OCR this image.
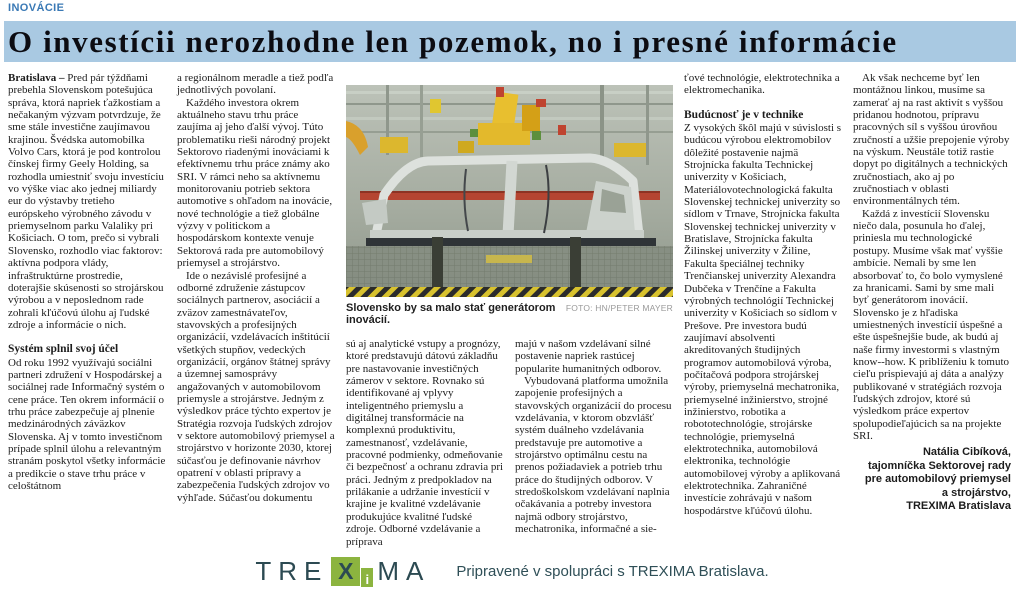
INOVÁCIE
O investícii nerozhodne len pozemok, no i presné informácie

Bratislava – Pred pár týždňami prebehla Slovenskom potešujúca správa, ktorá napriek ťažkostiam a nečakaným výzvam potvrdzuje, že sme stále investične zaujímavou krajinou. Švédska automobilka Volvo Cars, ktorá je pod kontrolou čínskej firmy Geely Holding, sa rozhodla umiestniť svoju investíciu vo výške viac ako jednej miliardy eur do výstavby tretieho európskeho výrobného závodu v priemyselnom parku Valaliky pri Košiciach. O tom, prečo si vybrali Slovensko, rozhodlo viac faktorov: aktívna podpora vlády, infraštruktúrne prostredie, doterajšie skúsenosti so strojárskou výrobou a v neposlednom rade zohrali kľúčovú úlohu aj ľudské zdroje a informácie o nich.

Systém splnil svoj účel

Od roku 1992 využívajú sociálni partneri združení v Hospodárskej a sociálnej rade Informačný systém o cene práce. Ten okrem informácií o trhu práce zabezpečuje aj plnenie medzinárodných záväzkov Slovenska. Aj v tomto investičnom prípade splnil úlohu a relevantným stranám poskytol všetky informácie a predikcie o stave trhu práce v celoštátnom

a regionálnom meradle a tiež podľa jednotlivých povolaní.

Každého investora okrem aktuálneho stavu trhu práce zaujíma aj jeho ďalší vývoj. Túto problematiku rieši národný projekt Sektorovo riadenými inováciami k efektívnemu trhu práce známy ako SRI. V rámci neho sa aktívnemu monitorovaniu potrieb sektora automotive s ohľadom na inovácie, nové technológie a tiež globálne výzvy v politickom a hospodárskom kontexte venuje Sektorová rada pre automobilový priemysel a strojárstvo.

Ide o nezávislé profesijné a odborné združenie zástupcov sociálnych partnerov, asociácií a zväzov zamestnávateľov, stavovských a profesijných organizácií, vzdelávacích inštitúcií všetkých stupňov, vedeckých organizácií, orgánov štátnej správy a územnej samosprávy angažovaných v automobilovom priemysle a strojárstve. Jedným z výsledkov práce týchto expertov je Stratégia rozvoja ľudských zdrojov v sektore automobilový priemysel a strojárstvo v horizonte 2030, ktorej súčasťou je definovanie návrhov opatrení v oblasti prípravy a zabezpečenia ľudských zdrojov vo výhľade. Súčasťou dokumentu

Slovensko by sa malo stať generátorom inovácií.
FOTO: HN/PETER MAYER

sú aj analytické vstupy a prognózy, ktoré predstavujú dátovú základňu pre nastavovanie investičných zámerov v sektore. Rovnako sú identifikované aj vplyvy inteligentného priemyslu a digitálnej transformácie na komplexnú produktivitu, zamestnanosť, vzdelávanie, pracovné podmienky, odmeňovanie či bezpečnosť a ochranu zdravia pri práci. Jedným z predpokladov na prilákanie a udržanie investícií v krajine je kvalitné vzdelávanie produkujúce kvalitné ľudské zdroje. Odborné vzdelávanie a príprava

majú v našom vzdelávaní silné postavenie napriek rastúcej popularite humanitných odborov.

Vybudovaná platforma umožnila zapojenie profesijných a stavovských organizácií do procesu vzdelávania, v ktorom obzvlášť systém duálneho vzdelávania predstavuje pre automotive a strojárstvo optimálnu cestu na prenos požiadaviek a potrieb trhu práce do študijných odborov. V stredoškolskom vzdelávaní naplnia očakávania a potreby investora najmä odbory strojárstvo, mechatronika, informačné a sie-

ťové technológie, elektrotechnika a elektromechanika.

Budúcnosť je v technike

Z vysokých škôl majú v súvislosti s budúcou výrobou elektromobilov dôležité postavenie najmä Strojnícka fakulta Technickej univerzity v Košiciach, Materiálovotechnologická fakulta Slovenskej technickej univerzity so sídlom v Trnave, Strojnícka fakulta Slovenskej technickej univerzity v Bratislave, Strojnícka fakulta Žilinskej univerzity v Žiline, Fakulta špeciálnej techniky Trenčianskej univerzity Alexandra Dubčeka v Trenčíne a Fakulta výrobných technológií Technickej univerzity v Košiciach so sídlom v Prešove. Pre investora budú zaujímaví absolventi akreditovaných študijných programov automobilová výroba, počítačová podpora strojárskej výroby, priemyselná mechatronika, priemyselné inžinierstvo, strojné inžinierstvo, robotika a robototechnológie, strojárske technológie, priemyselná elektrotechnika, automobilová elektronika, technológie automobilovej výroby a aplikovaná elektrotechnika. Zahraničné investície zohrávajú v našom hospodárstve kľúčovú úlohu.

Ak však nechceme byť len montážnou linkou, musíme sa zamerať aj na rast aktivít s vyššou pridanou hodnotou, prípravu pracovných síl s vyššou úrovňou zručností a užšie prepojenie výroby na výskum. Neustále totiž rastie dopyt po digitálnych a technických zručnostiach, ako aj po zručnostiach v oblasti environmentálnych tém.

Každá z investícií Slovensku niečo dala, posunula ho ďalej, priniesla mu technologické postupy. Musíme však mať vyššie ambície. Nemali by sme len absorbovať to, čo bolo vymyslené za hranicami. Sami by sme mali byť generátorom inovácií. Slovensko je z hľadiska umiestnených investícií úspešné a ešte úspešnejšie bude, ak budú aj naše firmy investormi s vlastným know--how. K priblíženiu k tomuto cieľu prispievajú aj dáta a analýzy publikované v stratégiách rozvoja ľudských zdrojov, ktoré sú výsledkom práce expertov spolupodieľajúcich sa na projekte SRI.

Natália Cibíková,
tajomníčka Sektorovej rady
pre automobilový priemysel
a strojárstvo,
TREXIMA Bratislava
TRE X i MA Pripravené v spolupráci s TREXIMA Bratislava.
